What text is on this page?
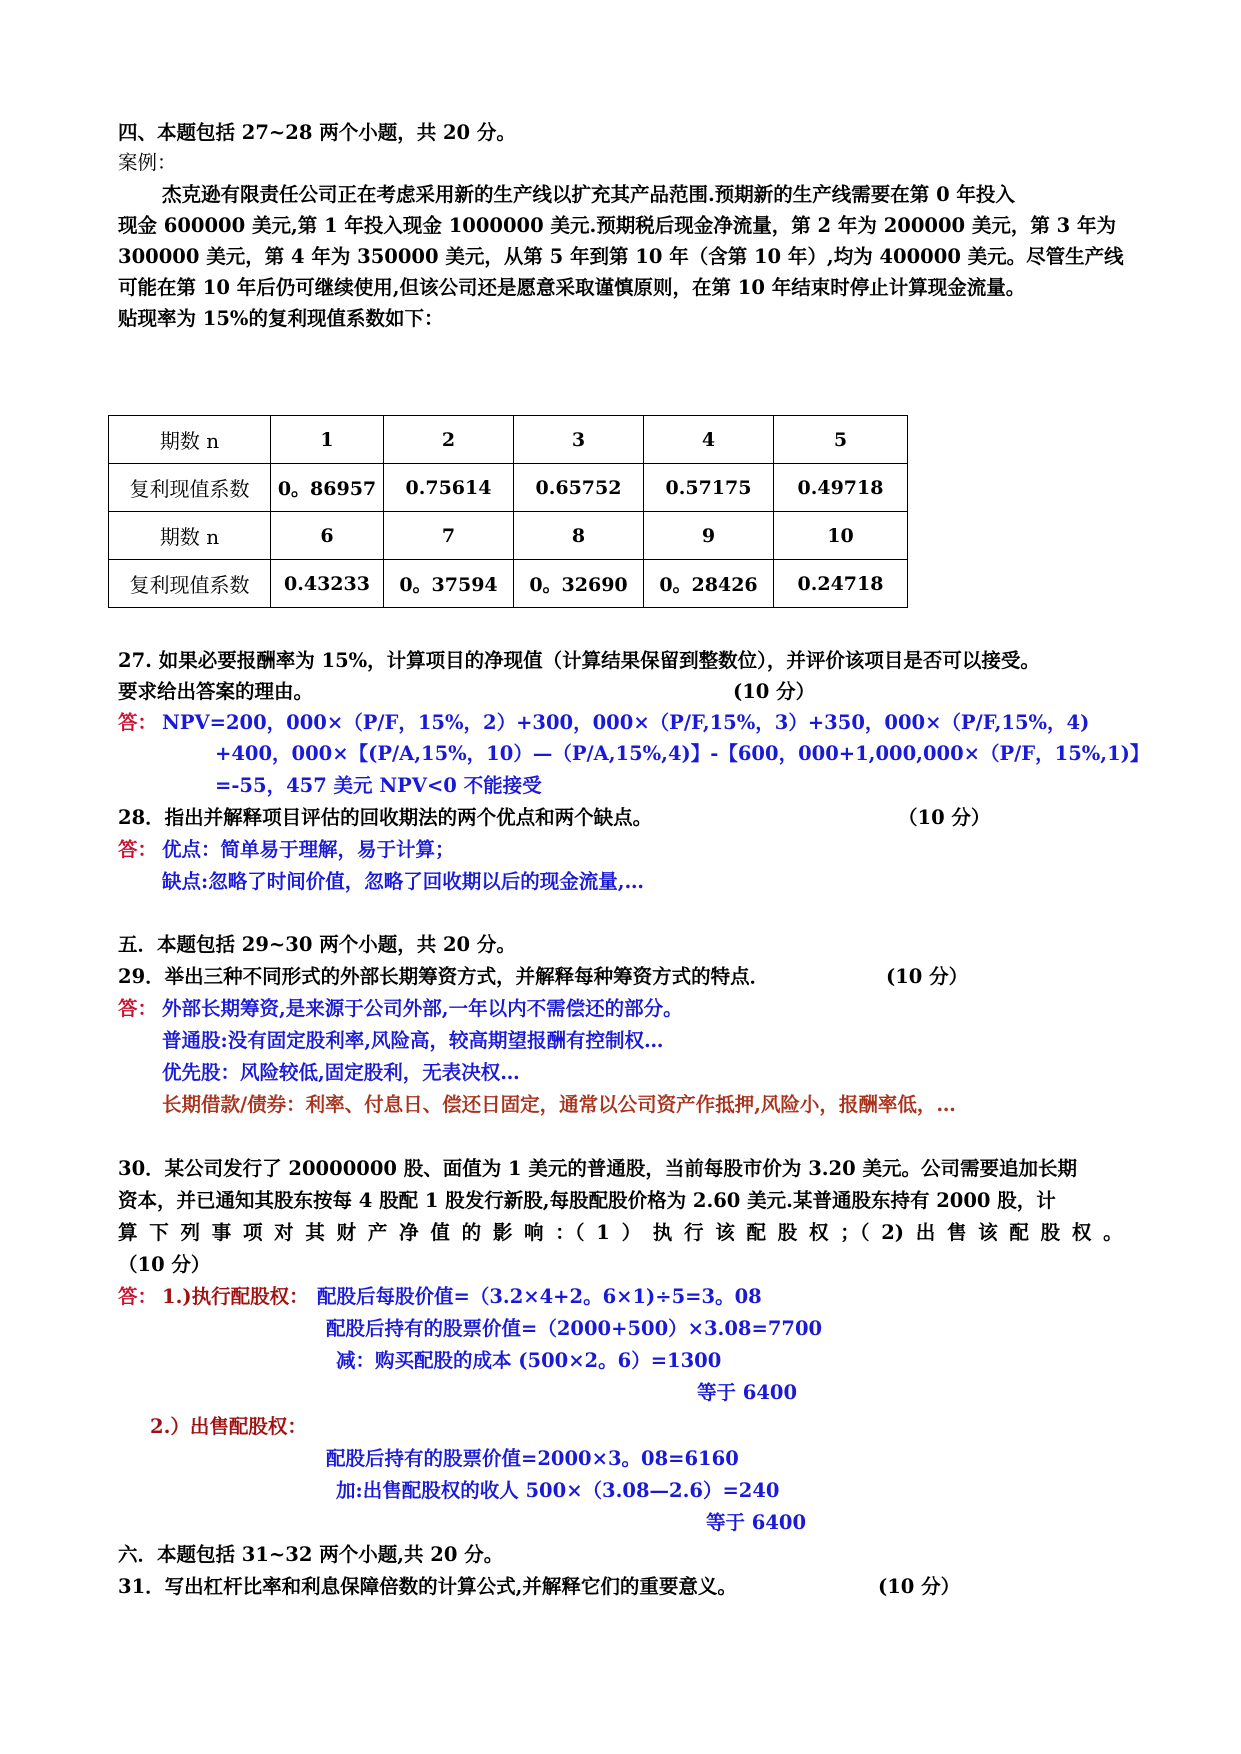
四、本题包括 27~28 两个小题，共 20 分。
案例：
杰克逊有限责任公司正在考虑采用新的生产线以扩充其产品范围.预期新的生产线需要在第 0 年投入
现金 600000 美元,第 1 年投入现金 1000000 美元.预期税后现金净流量，第 2 年为 200000 美元，第 3 年为
300000 美元，第 4 年为 350000 美元，从第 5 年到第 10 年（含第 10 年）,均为 400000 美元。尽管生产线
可能在第 10 年后仍可继续使用,但该公司还是愿意采取谨慎原则，在第 10 年结束时停止计算现金流量。
贴现率为 15%的复利现值系数如下：
期数 n	1	2	3	4	5
复利现值系数	0。86957	0.75614	0.65752	0.57175	0.49718
期数 n	6	7	8	9	10
复利现值系数	0.43233	0。37594	0。32690	0。28426	0.24718
27. 如果必要报酬率为 15%，计算项目的净现值（计算结果保留到整数位），并评价该项目是否可以接受。
要求给出答案的理由。	(10 分）
答： NPV=200，000×（P/F，15%，2）+300，000×（P/F,15%，3）+350，000×（P/F,15%，4)
+400，000×【(P/A,15%，10）—（P/A,15%,4)】-【600，000+1,000,000×（P/F，15%,1)】
=-55，457 美元 NPV<0 不能接受
28．指出并解释项目评估的回收期法的两个优点和两个缺点。	（10 分）
答： 优点：简单易于理解，易于计算；
缺点:忽略了时间价值，忽略了回收期以后的现金流量,…
五．本题包括 29~30 两个小题，共 20 分。
29．举出三种不同形式的外部长期筹资方式，并解释每种筹资方式的特点．	(10 分）
答： 外部长期筹资,是来源于公司外部,一年以内不需偿还的部分。
普通股:没有固定股利率,风险高，较高期望报酬有控制权…
优先股：风险较低,固定股利，无表决权…
长期借款/债券：利率、付息日、偿还日固定，通常以公司资产作抵押,风险小，报酬率低，…
30．某公司发行了 20000000 股、面值为 1 美元的普通股，当前每股市价为 3.20 美元。公司需要追加长期
资本，并已通知其股东按每 4 股配 1 股发行新股,每股配股价格为 2.60 美元.某普通股东持有 2000 股，计
算 下 列 事 项 对 其 财 产 净 值 的 影 响 ：（ 1 ） 执 行 该 配 股 权 ；（ 2) 出 售 该 配 股 权 。
（10 分）
答： 1.)执行配股权： 配股后每股价值=（3.2×4+2。6×1)÷5=3。08
配股后持有的股票价值=（2000+500）×3.08=7700
减：购买配股的成本 (500×2。6）=1300
等于 6400
2.）出售配股权：
配股后持有的股票价值=2000×3。08=6160
加:出售配股权的收人 500×（3.08—2.6）=240
等于 6400
六．本题包括 31~32 两个小题,共 20 分。
31．写出杠杆比率和利息保障倍数的计算公式,并解释它们的重要意义。	(10 分）
